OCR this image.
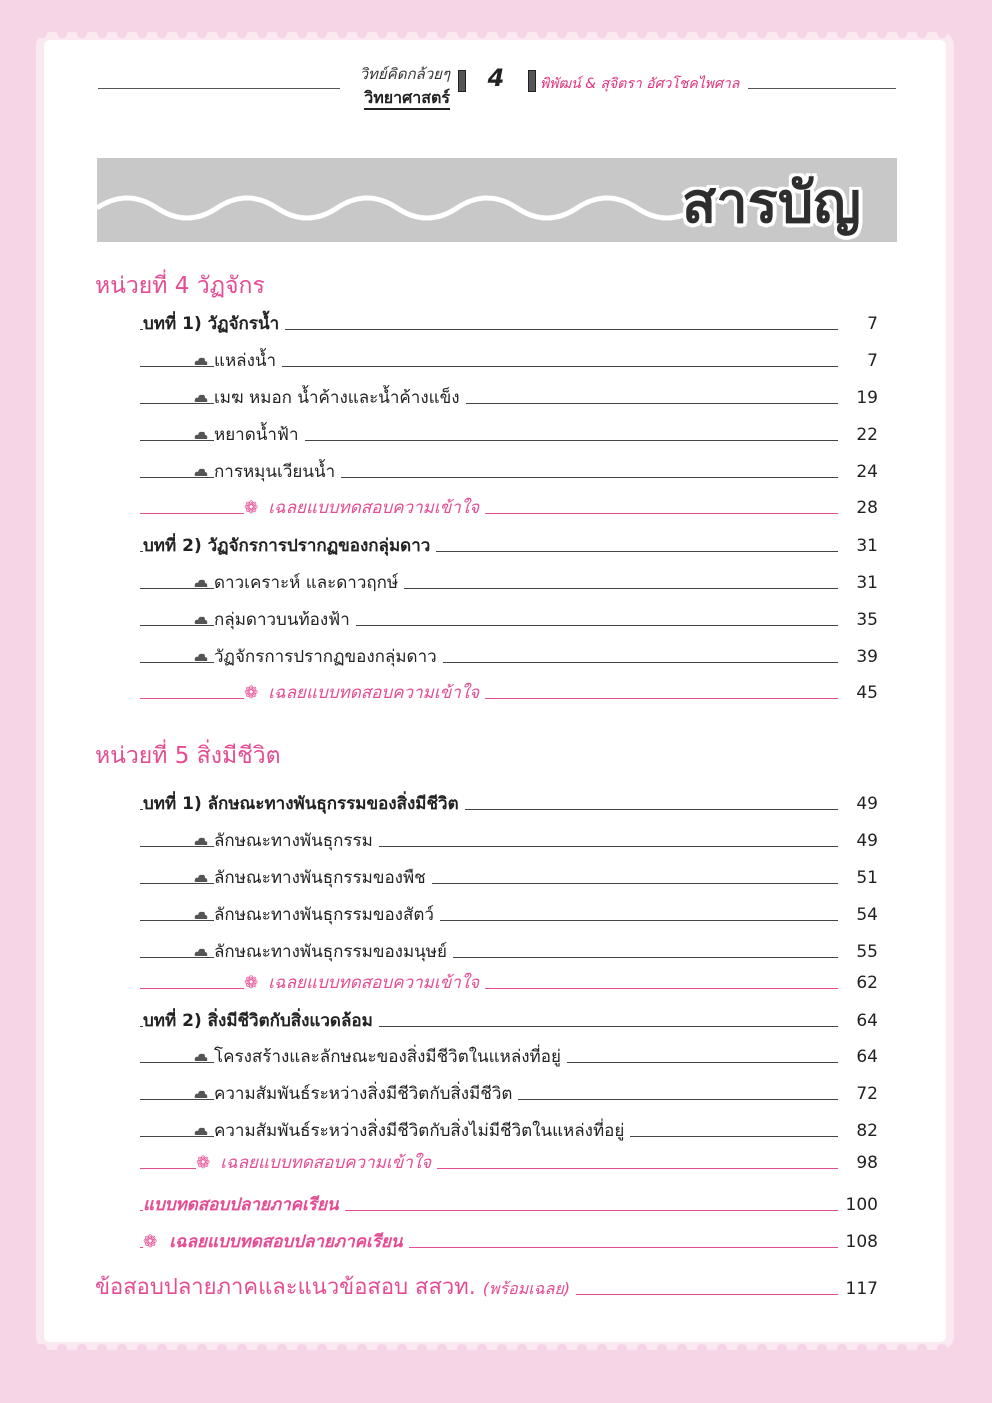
วิทย์คิดกล้วยๆ
วิทยาศาสตร์
4	พิพัฒน์ & สุจิตรา อัศวโชคไพศาล
สารบัญ
หน่วยที่ 4 วัฏจักร
บทที่ 1) วัฏจักรน้ำ	7
แหล่งน้ำ	7
เมฆ หมอก น้ำค้างและน้ำค้างแข็ง	19
หยาดน้ำฟ้า	22
การหมุนเวียนน้ำ	24
❁ เฉลยแบบทดสอบความเข้าใจ	28
บทที่ 2) วัฏจักรการปรากฏของกลุ่มดาว	31
ดาวเคราะห์ และดาวฤกษ์	31
กลุ่มดาวบนท้องฟ้า	35
วัฏจักรการปรากฏของกลุ่มดาว	39
❁ เฉลยแบบทดสอบความเข้าใจ	45
หน่วยที่ 5 สิ่งมีชีวิต
บทที่ 1) ลักษณะทางพันธุกรรมของสิ่งมีชีวิต	49
ลักษณะทางพันธุกรรม	49
ลักษณะทางพันธุกรรมของพืช	51
ลักษณะทางพันธุกรรมของสัตว์	54
ลักษณะทางพันธุกรรมของมนุษย์	55
❁ เฉลยแบบทดสอบความเข้าใจ	62
บทที่ 2) สิ่งมีชีวิตกับสิ่งแวดล้อม	64
โครงสร้างและลักษณะของสิ่งมีชีวิตในแหล่งที่อยู่	64
ความสัมพันธ์ระหว่างสิ่งมีชีวิตกับสิ่งมีชีวิต	72
ความสัมพันธ์ระหว่างสิ่งมีชีวิตกับสิ่งไม่มีชีวิตในแหล่งที่อยู่	82
❁ เฉลยแบบทดสอบความเข้าใจ	98
แบบทดสอบปลายภาคเรียน	100
❁ เฉลยแบบทดสอบปลายภาคเรียน	108
ข้อสอบปลายภาคและแนวข้อสอบ สสวท. (พร้อมเฉลย)	117
